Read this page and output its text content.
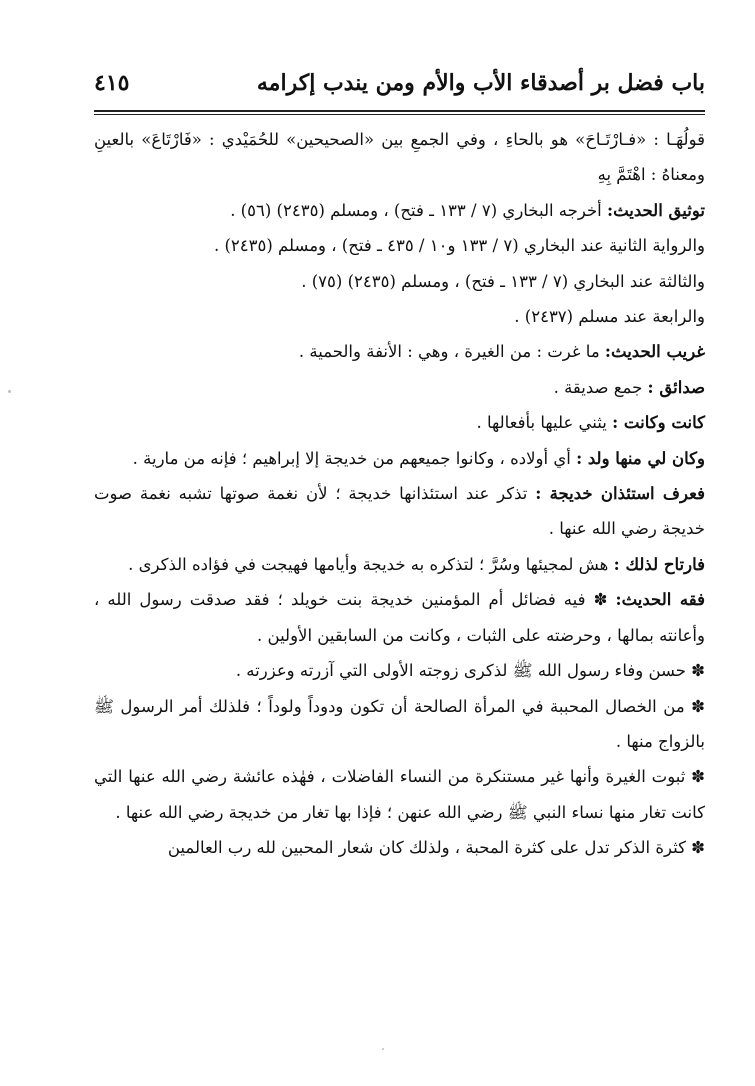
باب فضل بر أصدقاء الأب والأم ومن يندب إكرامه
٤١٥

قولُهَـا : «فـارْتَـاحَ» هو بالحاءِ ، وفي الجمعِ بين «الصحيحين» للحُمَيْدي : «فَارْتَاعَ» بالعينِ ومعناهُ : اهْتَمَّ بِهِ

توثيق الحديث: أخرجه البخاري (٧ / ١٣٣ ـ فتح) ، ومسلم (٢٤٣٥) (٥٦) .

والرواية الثانية عند البخاري (٧ / ١٣٣ و١٠ / ٤٣٥ ـ فتح) ، ومسلم (٢٤٣٥) .

والثالثة عند البخاري (٧ / ١٣٣ ـ فتح) ، ومسلم (٢٤٣٥) (٧٥) .

والرابعة عند مسلم (٢٤٣٧) .

غريب الحديث: ما غرت : من الغيرة ، وهي : الأنفة والحمية .

صدائق : جمع صديقة .

كانت وكانت : يثني عليها بأفعالها .

وكان لي منها ولد : أي أولاده ، وكانوا جميعهم من خديجة إلا إبراهيم ؛ فإنه من مارية .

فعرف استئذان خديجة : تذكر عند استئذانها خديجة ؛ لأن نغمة صوتها تشبه نغمة صوت خديجة رضي الله عنها .

فارتاح لذلك : هش لمجيئها وسُرَّ ؛ لتذكره به خديجة وأيامها فهيجت في فؤاده الذكرى .

فقه الحديث: ✽ فيه فضائل أم المؤمنين خديجة بنت خويلد ؛ فقد صدقت رسول الله ، وأعانته بمالها ، وحرضته على الثبات ، وكانت من السابقين الأولين .

✽ حسن وفاء رسول الله ﷺ لذكرى زوجته الأولى التي آزرته وعزرته .

✽ من الخصال المحببة في المرأة الصالحة أن تكون ودوداً ولوداً ؛ فلذلك أمر الرسول ﷺ بالزواج منها .

✽ ثبوت الغيرة وأنها غير مستنكرة من النساء الفاضلات ، فهٰذه عائشة رضي الله عنها التي كانت تغار منها نساء النبي ﷺ رضي الله عنهن ؛ فإذا بها تغار من خديجة رضي الله عنها .

✽ كثرة الذكر تدل على كثرة المحبة ، ولذلك كان شعار المحبين لله رب العالمين
